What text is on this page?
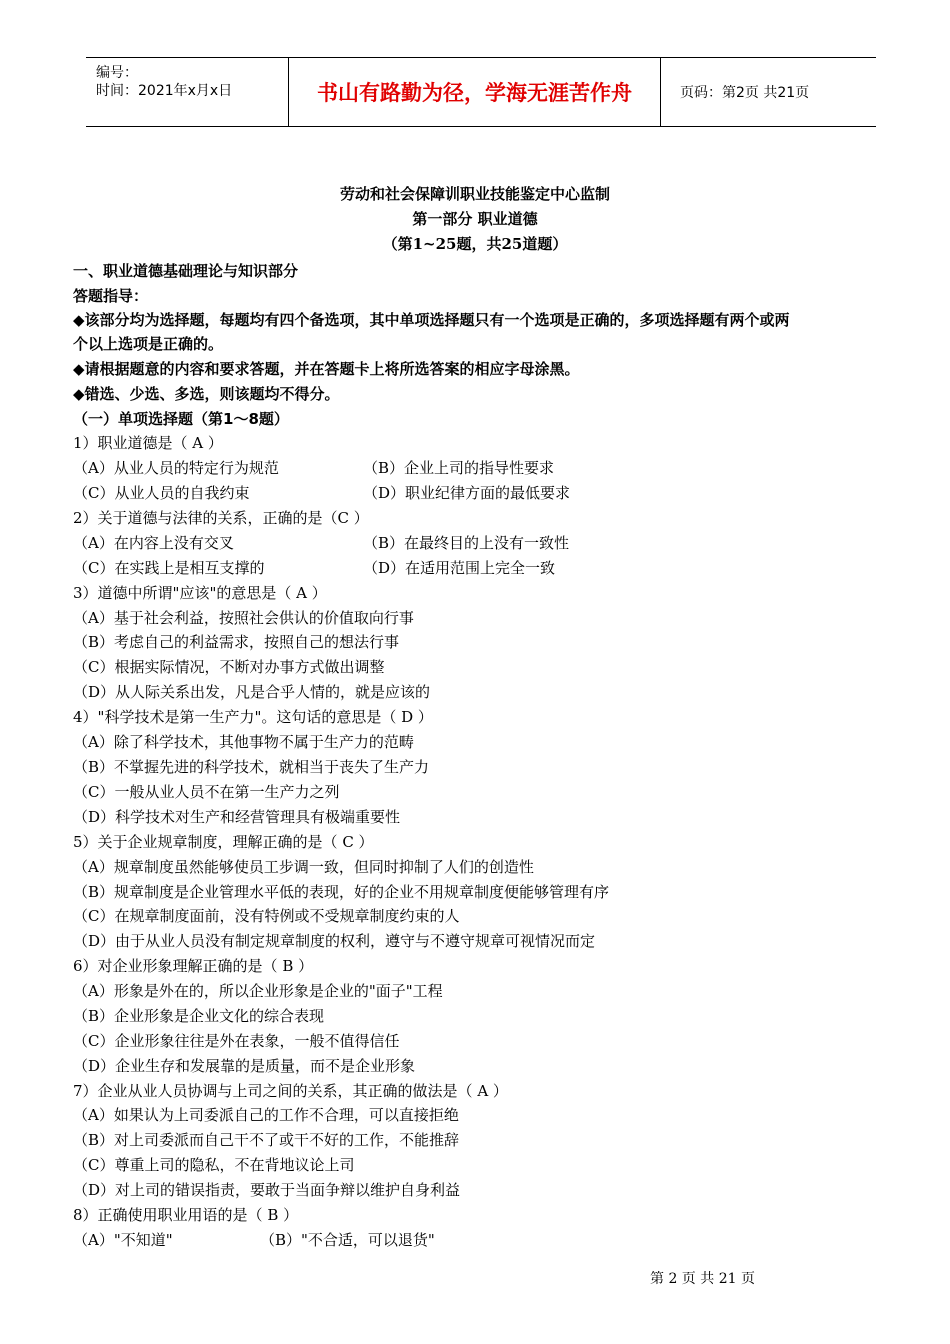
编号：
时间：2021年x月x日	书山有路勤为径，学海无涯苦作舟	页码：第2页 共21页
劳动和社会保障训职业技能鉴定中心监制
第一部分 职业道德
（第1~25题，共25道题）
一、职业道德基础理论与知识部分
答题指导：
◆该部分均为选择题，每题均有四个备选项，其中单项选择题只有一个选项是正确的，多项选择题有两个或两
个以上选项是正确的。
◆请根据题意的内容和要求答题，并在答题卡上将所选答案的相应字母涂黑。
◆错选、少选、多选，则该题均不得分。
（一）单项选择题（第1～8题）
1）职业道德是（ A ）
（A）从业人员的特定行为规范	（B）企业上司的指导性要求
（C）从业人员的自我约束	（D）职业纪律方面的最低要求
2）关于道德与法律的关系，正确的是（C ）
（A）在内容上没有交叉	（B）在最终目的上没有一致性
（C）在实践上是相互支撑的	（D）在适用范围上完全一致
3）道德中所谓"应该"的意思是（ A ）
（A）基于社会利益，按照社会供认的价值取向行事
（B）考虑自己的利益需求，按照自己的想法行事
（C）根据实际情况，不断对办事方式做出调整
（D）从人际关系出发，凡是合乎人情的，就是应该的
4）"科学技术是第一生产力"。这句话的意思是（ D ）
（A）除了科学技术，其他事物不属于生产力的范畴
（B）不掌握先进的科学技术，就相当于丧失了生产力
（C）一般从业人员不在第一生产力之列
（D）科学技术对生产和经营管理具有极端重要性
5）关于企业规章制度，理解正确的是（ C ）
（A）规章制度虽然能够使员工步调一致，但同时抑制了人们的创造性
（B）规章制度是企业管理水平低的表现，好的企业不用规章制度便能够管理有序
（C）在规章制度面前，没有特例或不受规章制度约束的人
（D）由于从业人员没有制定规章制度的权利，遵守与不遵守规章可视情况而定
6）对企业形象理解正确的是（ B ）
（A）形象是外在的，所以企业形象是企业的"面子"工程
（B）企业形象是企业文化的综合表现
（C）企业形象往往是外在表象，一般不值得信任
（D）企业生存和发展靠的是质量，而不是企业形象
7）企业从业人员协调与上司之间的关系，其正确的做法是（ A ）
（A）如果认为上司委派自己的工作不合理，可以直接拒绝
（B）对上司委派而自己干不了或干不好的工作，不能推辞
（C）尊重上司的隐私，不在背地议论上司
（D）对上司的错误指责，要敢于当面争辩以维护自身利益
8）正确使用职业用语的是（ B ）
（A）"不知道"	（B）"不合适，可以退货"
第 2 页 共 21 页
